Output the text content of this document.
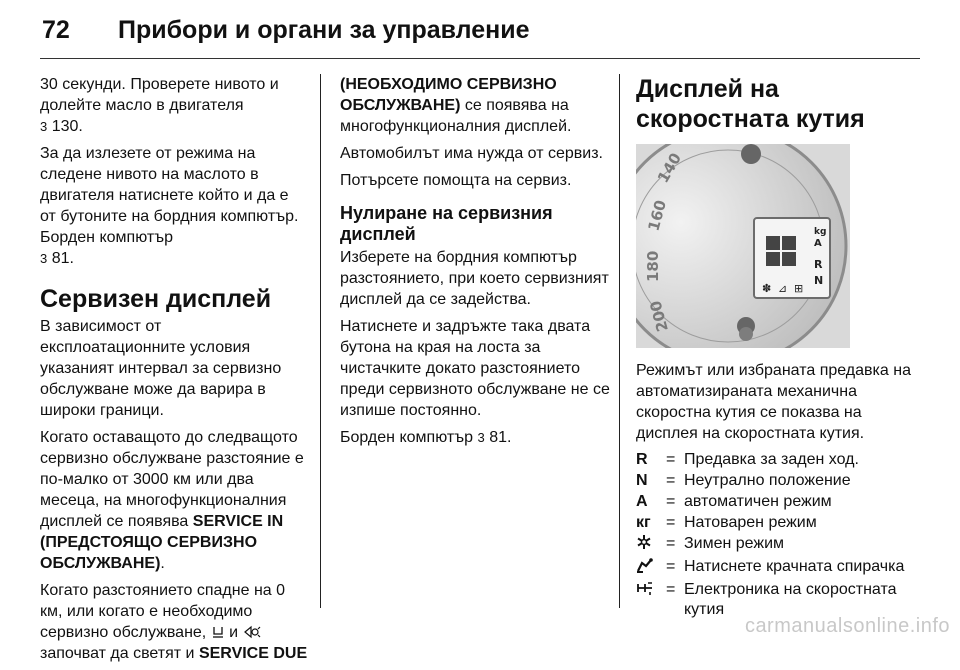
72 Прибори и органи за управление

30 секунди. Проверете нивото и долейте масло в двигателя
3 130.

За да излезете от режима на следене нивото на маслото в двигателя натиснете който и да е от бутоните на бордния компютър. Борден компютър
3 81.

Сервизен дисплей

В зависимост от експлоатационните условия указаният интервал за сервизно обслужване може да варира в широки граници.

Когато оставащото до следващото сервизно обслужване разстояние е по-малко от 3000 км или два месеца, на многофункционалния дисплей се появява SERVICE IN (ПРЕДСТОЯЩО СЕРВИЗНО ОБСЛУЖВАНЕ).

Когато разстоянието спадне на 0 км, или когато е необходимо сервизно обслужване, и  започват да светят и SERVICE DUE

(НЕОБХОДИМО СЕРВИЗНО ОБСЛУЖВАНЕ) се появява на многофункционалния дисплей.

Автомобилът има нужда от сервиз.

Потърсете помощта на сервиз.

Нулиране на сервизния дисплей

Изберете на бордния компютър разстоянието, при което сервизният дисплей да се задейства.

Натиснете и задръжте така двата бутона на края на лоста за чистачките докато разстоянието преди сервизното обслужване не се изпише постоянно.

Борден компютър 3 81.

Дисплей на скоростната кутия
140
160
180
200
kg
A
R
N
✽ ⊿ ⊞

Режимът или избраната предавка на автоматизираната механична скоростна кутия се показва на дисплея на скоростната кутия.

R	= Предавка за заден ход.
N	= Неутрално положение
A	= автоматичен режим
кг = Натоварен режим
= Зимен режим
= Натиснете крачната спирачка
= Електроника на скоростната кутия
carmanualsonline.info
